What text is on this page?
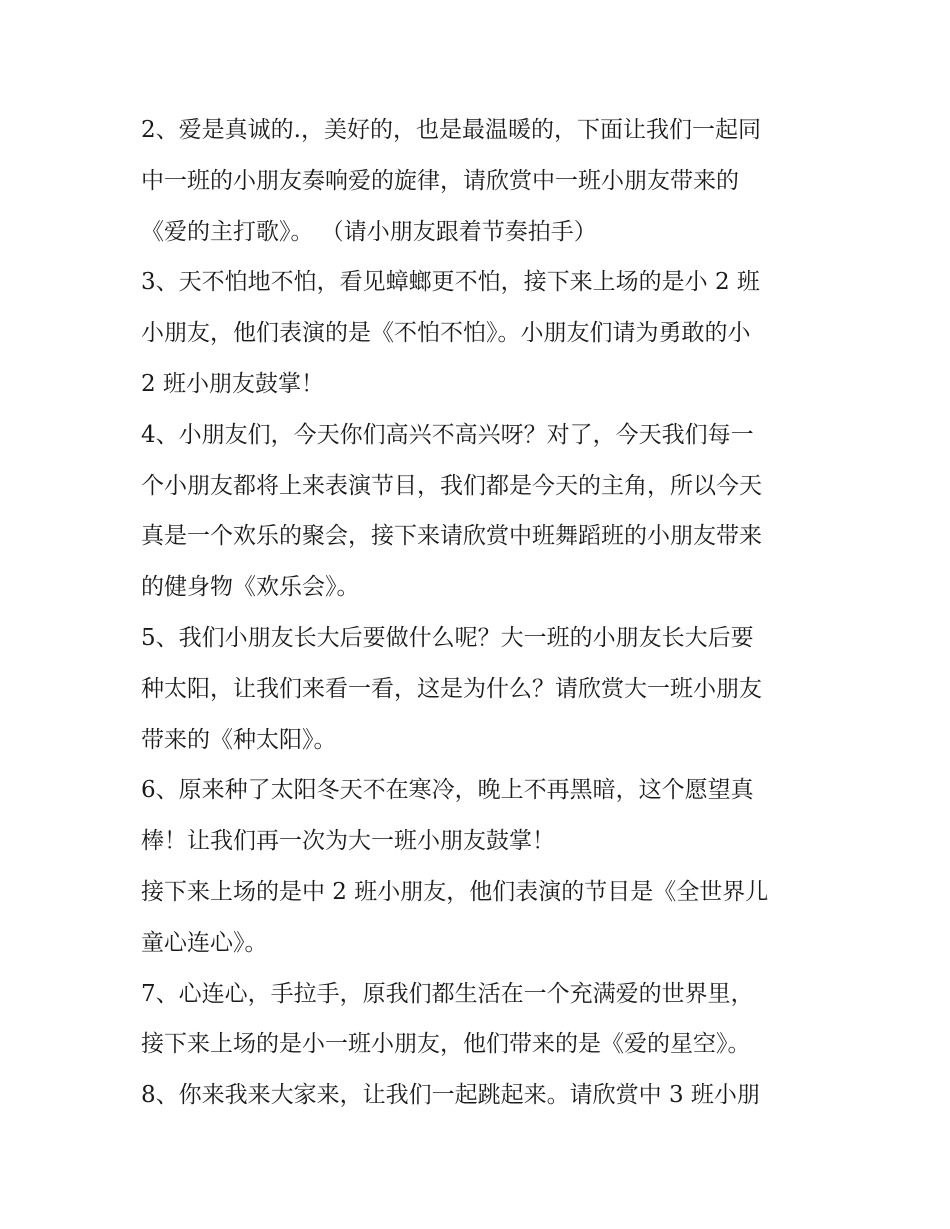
2、爱是真诚的.，美好的，也是最温暖的，下面让我们一起同
中一班的小朋友奏响爱的旋律，请欣赏中一班小朋友带来的
《爱的主打歌》。 （请小朋友跟着节奏拍手）
3、天不怕地不怕，看见蟑螂更不怕，接下来上场的是小 2 班
小朋友，他们表演的是《不怕不怕》。小朋友们请为勇敢的小
2 班小朋友鼓掌！
4、小朋友们，今天你们高兴不高兴呀？对了，今天我们每一
个小朋友都将上来表演节目，我们都是今天的主角，所以今天
真是一个欢乐的聚会，接下来请欣赏中班舞蹈班的小朋友带来
的健身物《欢乐会》。
5、我们小朋友长大后要做什么呢？大一班的小朋友长大后要
种太阳，让我们来看一看，这是为什么？请欣赏大一班小朋友
带来的《种太阳》。
6、原来种了太阳冬天不在寒冷，晚上不再黑暗，这个愿望真
棒！让我们再一次为大一班小朋友鼓掌！
接下来上场的是中 2 班小朋友，他们表演的节目是《全世界儿
童心连心》。
7、心连心，手拉手，原我们都生活在一个充满爱的世界里，
接下来上场的是小一班小朋友，他们带来的是《爱的星空》。
8、你来我来大家来，让我们一起跳起来。请欣赏中 3 班小朋
